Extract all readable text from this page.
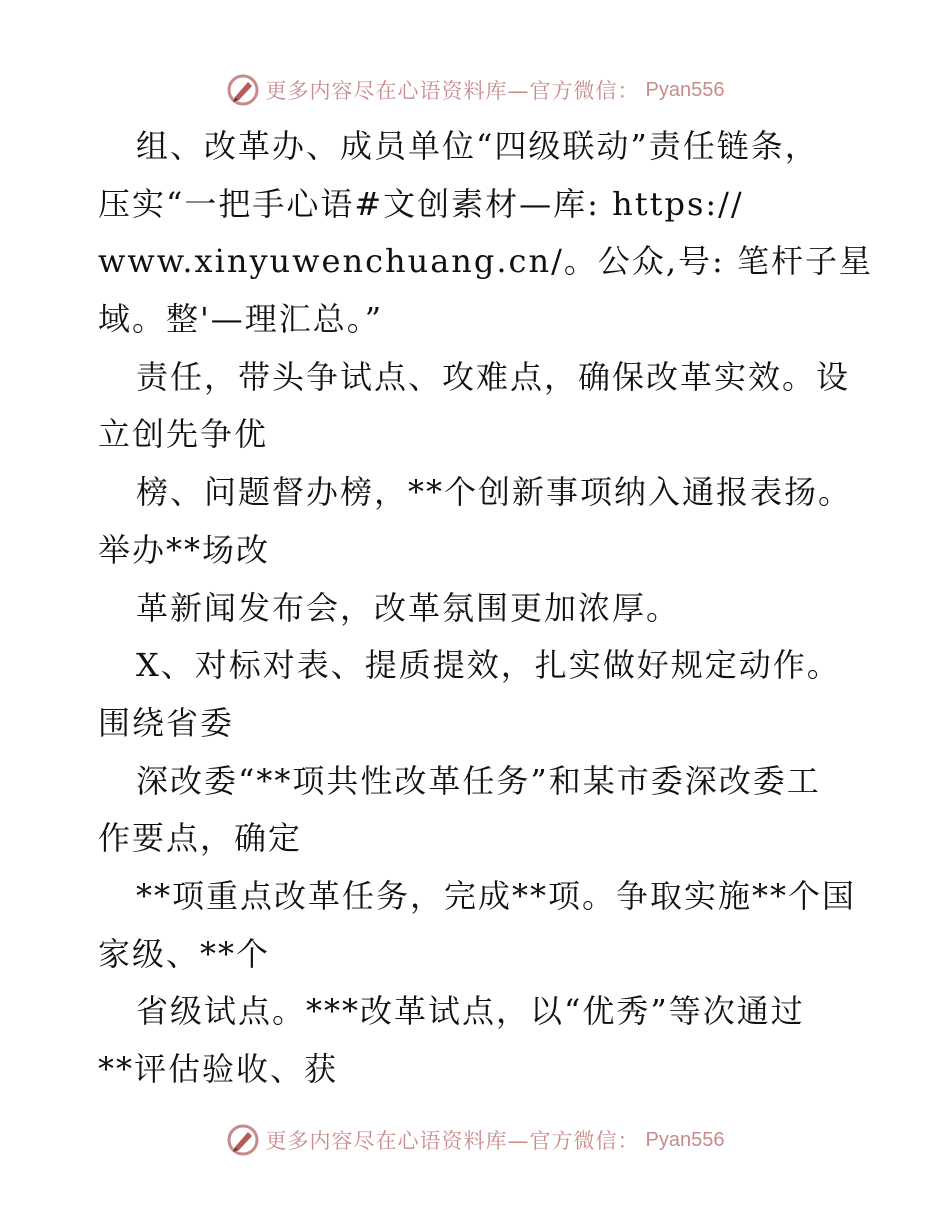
更多内容尽在心语资料库—官方微信： Pyan556
组、改革办、成员单位“四级联动”责任链条，
压实“一把手心语#文创素材—库: https://
www.xinyuwenchuang.cn/。公众,号: 笔杆子星
域。整'—理汇总。”
责任，带头争试点、攻难点，确保改革实效。设
立创先争优
榜、问题督办榜，**个创新事项纳入通报表扬。
举办**场改
革新闻发布会，改革氛围更加浓厚。
X、对标对表、提质提效，扎实做好规定动作。
围绕省委
深改委“**项共性改革任务”和某市委深改委工
作要点，确定
**项重点改革任务，完成**项。争取实施**个国
家级、**个
省级试点。***改革试点，以“优秀”等次通过
**评估验收、获
更多内容尽在心语资料库—官方微信： Pyan556
